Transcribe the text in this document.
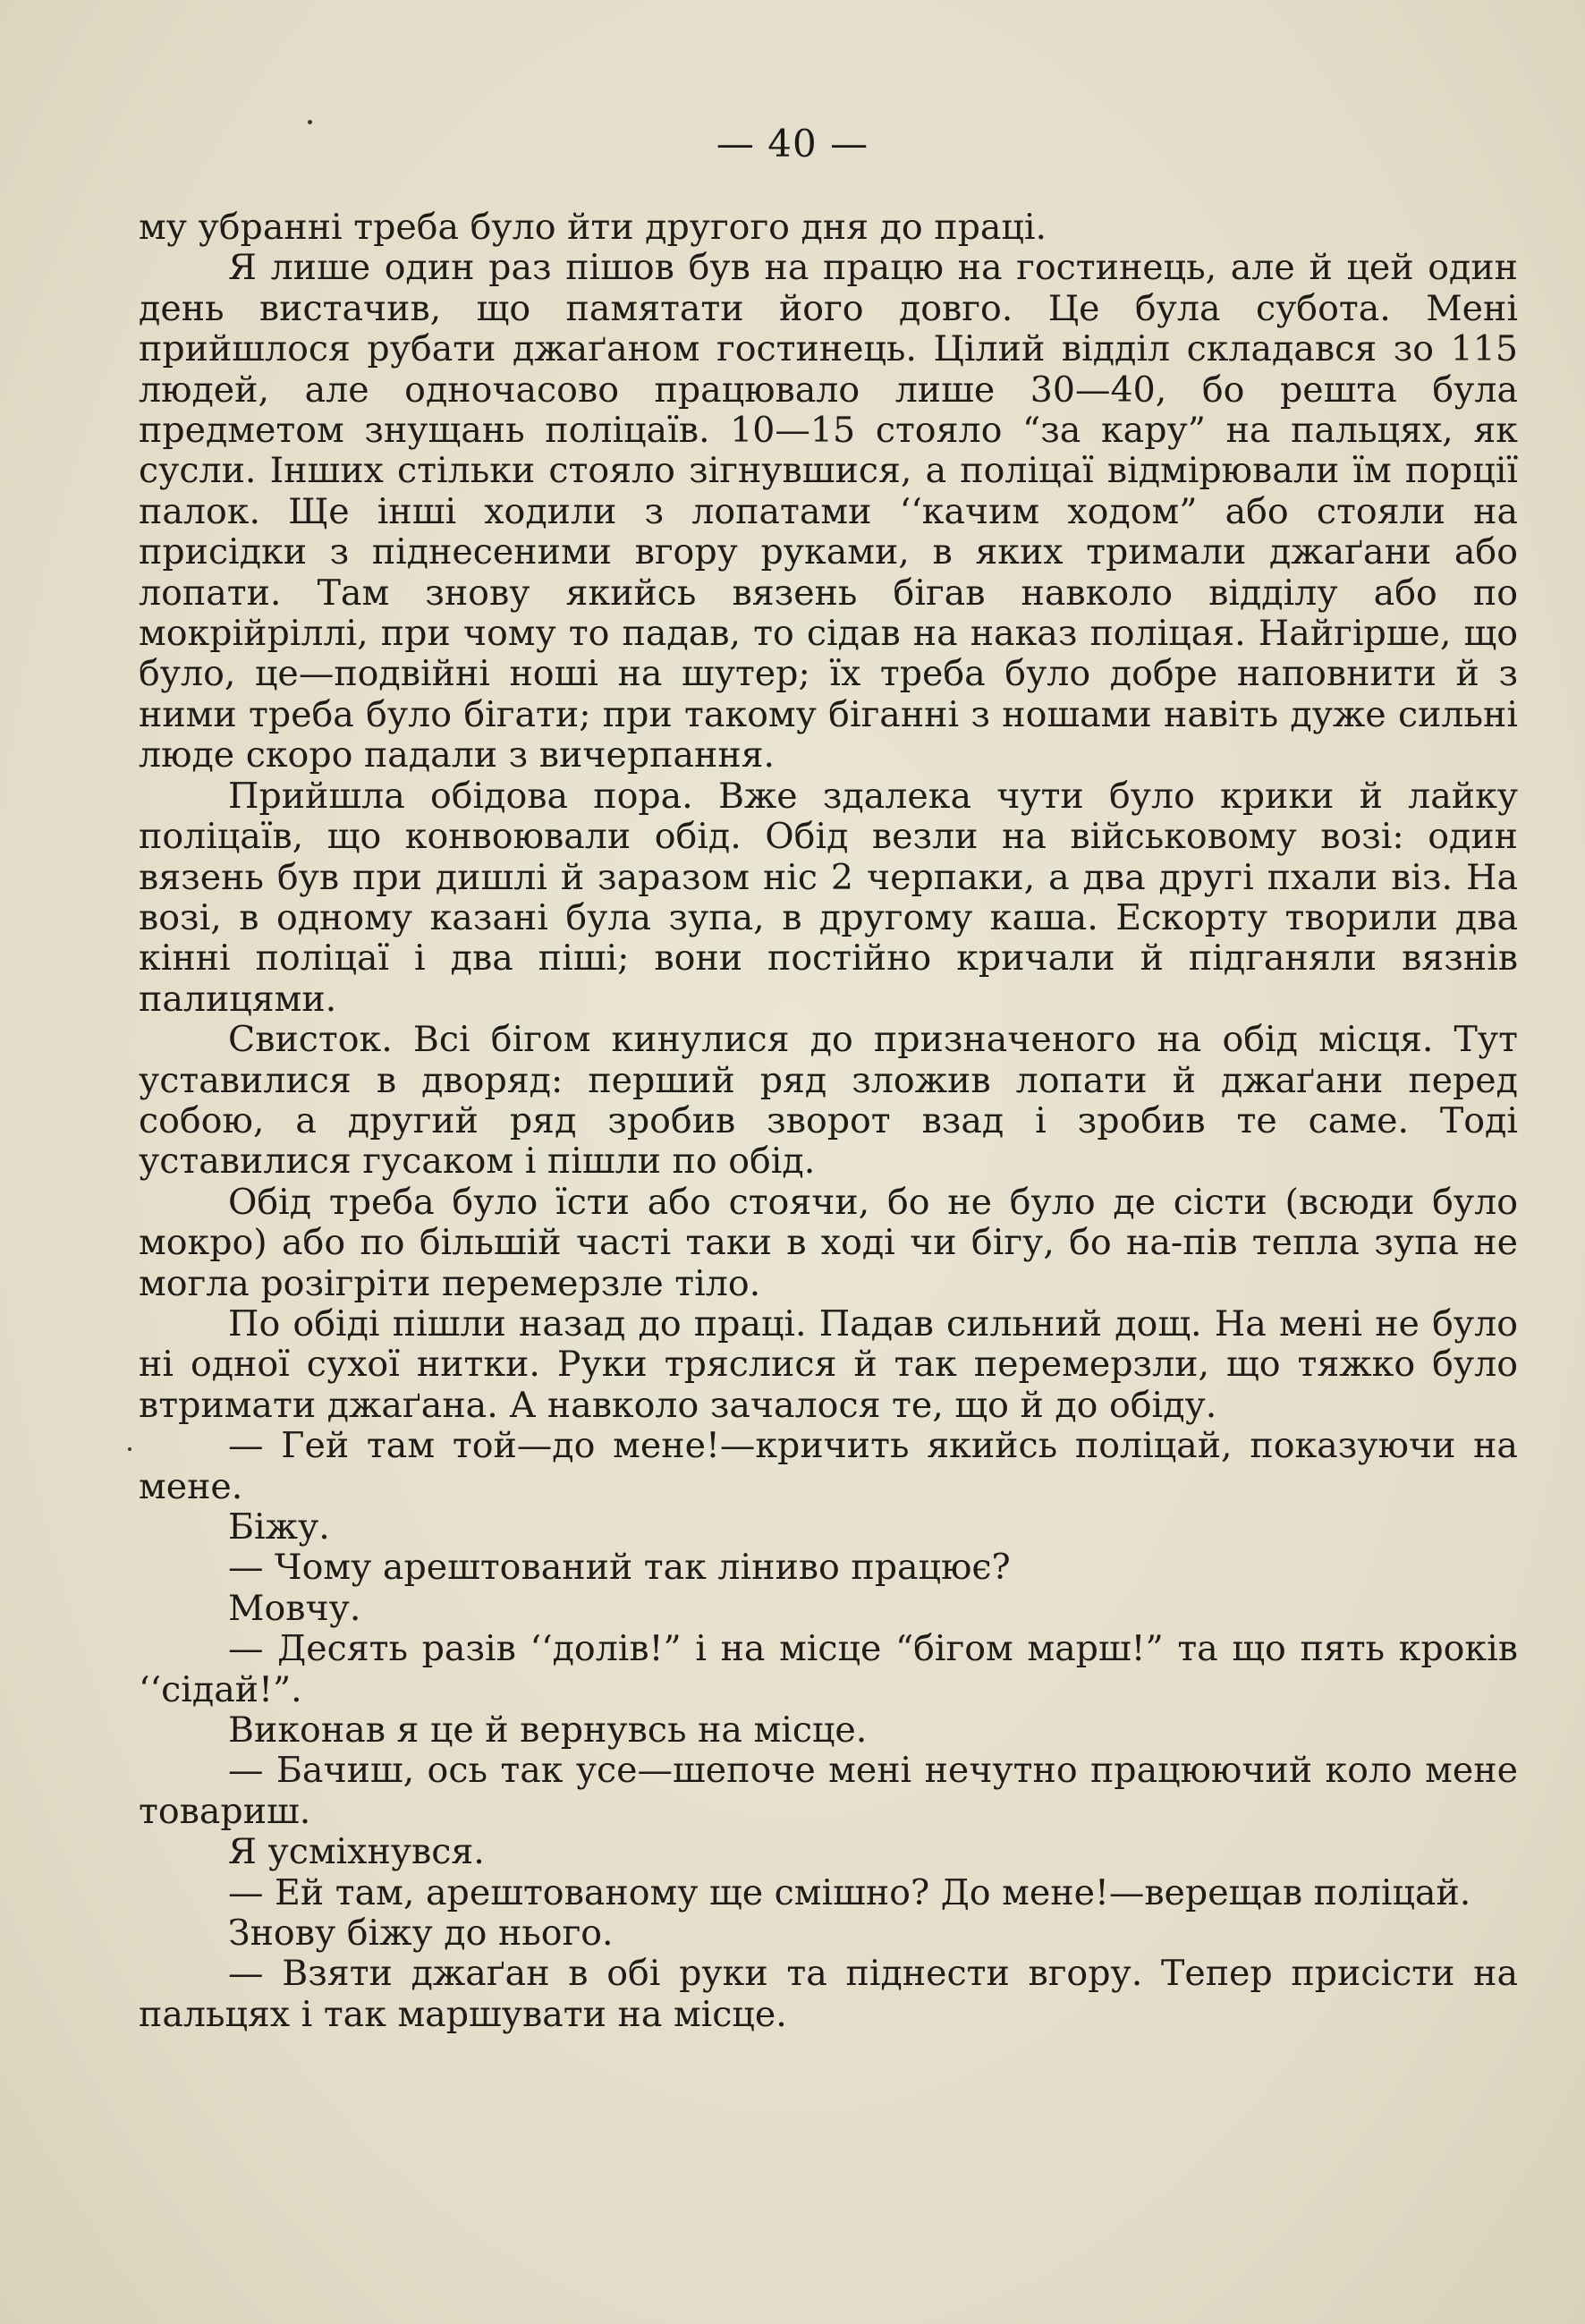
— 40 —

му убранні треба було йти другого дня до праці.

Я лише один раз пішов був на працю на гостинець, але й цей один день вистачив, що памятати його довго. Це була субота. Мені прийшлося рубати джаґаном гостинець. Цілий відділ складався зо 115 людей, але одночасово працювало лише 30—40, бо решта була предметом знущань поліцаїв. 10—15 стояло “за кару” на пальцях, як сусли. Інших стільки стояло зігнувшися, а поліцаї відмірювали їм порції палок. Ще інші ходили з лопатами ‘‘качим ходом” або стояли на присідки з піднесеними вгору руками, в яких тримали джаґани або лопати. Там знову якийсь вязень бігав навколо відділу або по мокрійріллі, при чому то падав, то сідав на наказ поліцая. Найгірше, що було, це—подвійні ноші на шутер; їх треба було добре наповнити й з ними треба було бігати; при такому біганні з ношами навіть дуже сильні люде скоро падали з вичерпання.

Прийшла обідова пора. Вже здалека чути було крики й лайку поліцаїв, що конвоювали обід. Обід везли на військовому возі: один вязень був при дишлі й заразом ніс 2 черпаки, а два другі пхали віз. На возі, в одному казані була зупа, в другому каша. Ескорту творили два кінні поліцаї і два піші; вони постійно кричали й підганяли вязнів палицями.

Свисток. Всі бігом кинулися до призначеного на обід місця. Тут уставилися в дворяд: перший ряд зложив лопати й джаґани перед собою, а другий ряд зробив зворот взад і зробив те саме. Тоді уставилися гусаком і пішли по обід.

Обід треба було їсти або стоячи, бо не було де сісти (всюди було мокро) або по більшій часті таки в ході чи бігу, бо на-пів тепла зупа не могла розігріти перемерзле тіло.

По обіді пішли назад до праці. Падав сильний дощ. На мені не було ні одної сухої нитки. Руки тряслися й так перемерзли, що тяжко було втримати джаґана. А навколо зачалося те, що й до обіду.

— Гей там той—до мене!—кричить якийсь поліцай, показуючи на мене.

Біжу.

— Чому арештований так ліниво працює?

Мовчу.

— Десять разів ‘‘долів!” і на місце “бігом марш!” та що пять кроків ‘‘сідай!”.

Виконав я це й вернувсь на місце.

— Бачиш, ось так усе—шепоче мені нечутно працюючий коло мене товариш.

Я усміхнувся.

— Ей там, арештованому ще смішно? До мене!—верещав поліцай.

Знову біжу до нього.

— Взяти джаґан в обі руки та піднести вгору. Тепер присісти на пальцях і так маршувати на місце.
